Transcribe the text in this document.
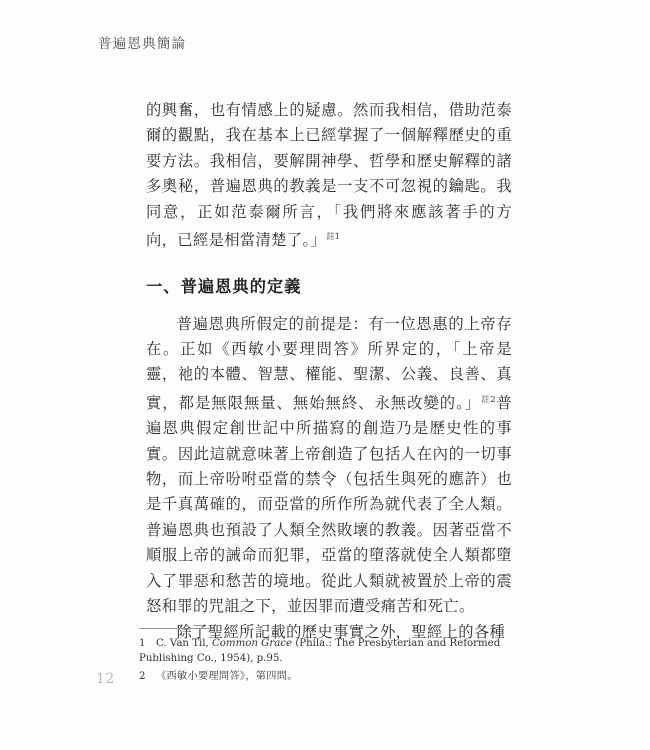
普遍恩典簡論

的興奮，也有情感上的疑慮。然而我相信，借助范泰爾的觀點，我在基本上已經掌握了一個解釋歷史的重要方法。我相信，要解開神學、哲學和歷史解釋的諸多奧秘，普遍恩典的教義是一支不可忽視的鑰匙。我同意，正如范泰爾所言，「我們將來應該著手的方向，已經是相當清楚了。」$^{註1}$

一、普遍恩典的定義

普遍恩典所假定的前提是：有一位恩惠的上帝存在。正如《西敏小要理問答》所界定的，「上帝是靈，祂的本體、智慧、權能、聖潔、公義、良善、真實，都是無限無量、無始無終、永無改變的。」$^{註2}$普遍恩典假定創世記中所描寫的創造乃是歷史性的事實。因此這就意味著上帝創造了包括人在內的一切事物，而上帝吩咐亞當的禁令（包括生與死的應許）也是千真萬確的，而亞當的所作所為就代表了全人類。普遍恩典也預設了人類全然敗壞的教義。因著亞當不順服上帝的誡命而犯罪，亞當的墮落就使全人類都墮入了罪惡和愁苦的境地。從此人類就被置於上帝的震怒和罪的咒詛之下，並因罪而遭受痛苦和死亡。

除了聖經所記載的歷史事實之外，聖經上的各種

1 C. Van Til, Common Grace (Phila.: The Presbyterian and Reformed Publishing Co., 1954), p.95.

2 《西敏小要理問答》，第四問。

12
